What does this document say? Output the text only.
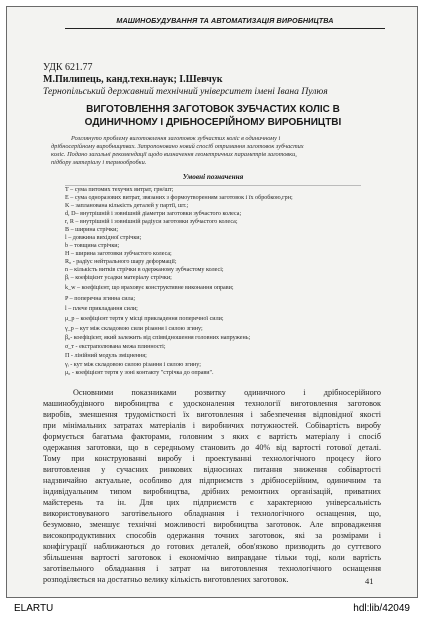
МАШИНОБУДУВАННЯ ТА АВТОМАТИЗАЦІЯ ВИРОБНИЦТВА
УДК 621.77
М.Пилипець, канд.техн.наук; І.Шевчук
Тернопільський державний технічний університет імені Івана Пулюя
ВИГОТОВЛЕННЯ ЗАГОТОВОК ЗУБЧАСТИХ КОЛІС В
ОДИНИЧНОМУ І ДРІБНОСЕРІЙНОМУ ВИРОБНИЦТВІ
Розглянуто проблему виготовлення заготовок зубчастих коліс в одиничному і
дрібносерійному виробництвах. Запропоновано новий спосіб отримання заготовок зубчастих
коліс. Подано загальні рекомендації щодо визначення геометричних параметрів заготовки,
підбору матеріалу і термообробки.
Умовні позначення
T – сума питомих техучих витрат, грн/шт;
E – сума одноразових витрат, звязаних з формоутворенням заготовок і їх обробкою,грн;
K – запланована кількість деталей у партії, шт.;
d, D– внутрішній і зовнішній діаметри заготовки зубчастого колеса;
r, R – внутрішній і зовнішній радіуси заготовки зубчастого колеса;
B – ширина стрічки;
l – довжина вихідної стрічки;
b – товщина стрічки;
H – ширина заготовки зубчастого колеса;
R₀ - радіус нейтрального шару деформації;
n – кількість витків стрічки в одержаному зубчастому колесі;
βᵢ – коефіцієнт усадки матеріалу стрічки;
k_w – коефіцієнт, що враховує конструктивне виконання оправи;
P – поперечна згинна сила;
l – плече прикладання сили;
μ_p – коефіцієнт тертя у місці прикладення поперечної сили;
γ_p – кут між складовою сили різання і силою згину;
β₀- коефіцієнт, який залежить від співвідношення головних напружень;
σ_т - екстраполювана межа плинності;
П - лінійний модуль зміцнення;
γᵢ - кут між складовою силою різання і силою згину;
μ₀ - коефіцієнт тертя у зоні контакту "стрічка до оправи".
Основними показниками розвитку одиничного і дрібносерійного
машинобудівного виробництва є удосконалення технології виготовлення заготовок
виробів, зменшення трудомісткості їх виготовлення і забезпечення відповідної якості
при мінімальних затратах матеріалів і виробничих потужностей. Собівартість виробу
формується багатьма факторами, головним з яких є вартість матеріалу і спосіб
одержання заготовки, що в середньому становить до 40% від вартості готової деталі.
Тому при конструюванні виробу і проектуванні технологічного процесу його
виготовлення у сучасних ринкових відносинах питання зниження собівартості
надзвичайно актуальне, особливо для підприємств з дрібносерійним, одиничним та
індивідуальним типом виробництва, дрібних ремонтних організацій, приватних
майстерень та ін. Для цих підприємств є характерною універсальність
використовуваного заготівельного обладнання і технологічного оснащення, що,
безумовно, зменшує технічні можливості виробництва заготовок. Але впровадження
високопродуктивних способів одержання точних заготовок, які за розмірами і
конфігурації наближаються до готових деталей, обов'язково призводить до суттєвого
збільшення вартості заготовок і економічно виправдане тільки тоді, коли вартість
заготівельного обладнання і затрат на виготовлення технологічного оснащення
розподіляється на достатньо велику кількість виготовлених заготовок.	41
ELARTU	hdl:lib/42049
